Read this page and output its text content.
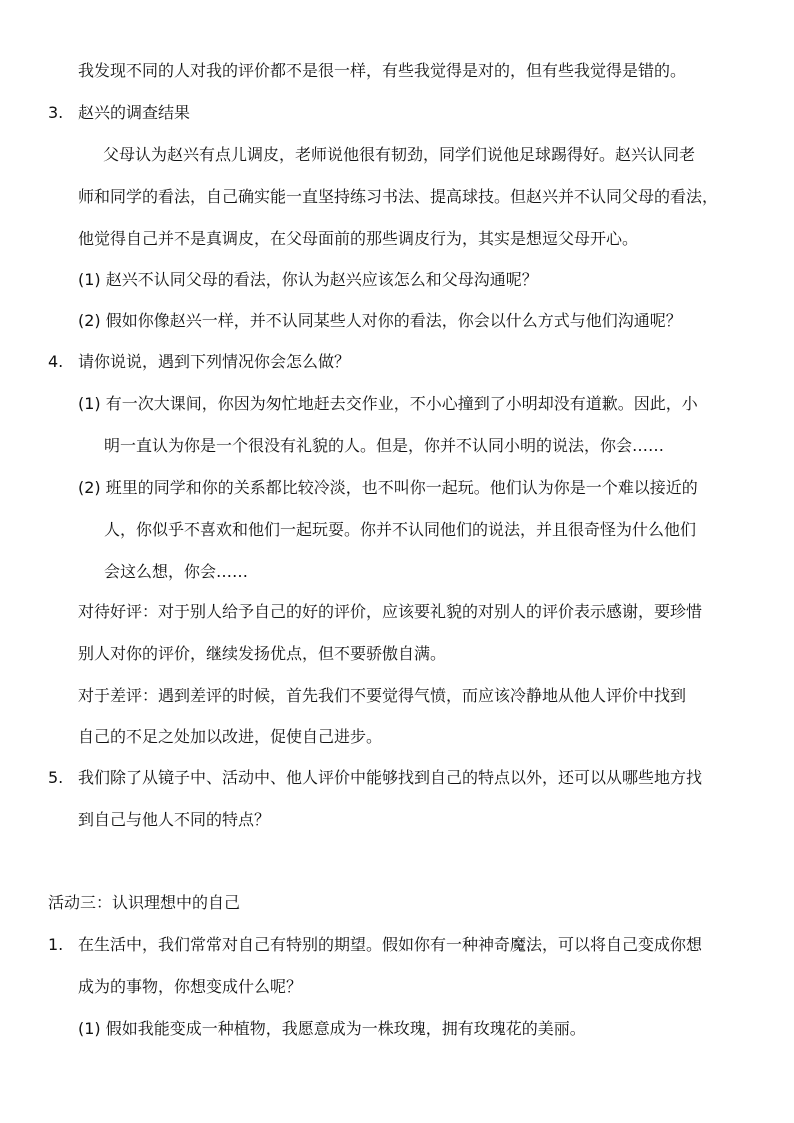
我发现不同的人对我的评价都不是很一样，有些我觉得是对的，但有些我觉得是错的。
3. 赵兴的调查结果
父母认为赵兴有点儿调皮，老师说他很有韧劲，同学们说他足球踢得好。赵兴认同老
师和同学的看法，自己确实能一直坚持练习书法、提高球技。但赵兴并不认同父母的看法，
他觉得自己并不是真调皮，在父母面前的那些调皮行为，其实是想逗父母开心。
(1) 赵兴不认同父母的看法，你认为赵兴应该怎么和父母沟通呢？
(2) 假如你像赵兴一样，并不认同某些人对你的看法，你会以什么方式与他们沟通呢？
4. 请你说说，遇到下列情况你会怎么做？
(1) 有一次大课间，你因为匆忙地赶去交作业，不小心撞到了小明却没有道歉。因此，小
明一直认为你是一个很没有礼貌的人。但是，你并不认同小明的说法，你会……
(2) 班里的同学和你的关系都比较冷淡，也不叫你一起玩。他们认为你是一个难以接近的
人，你似乎不喜欢和他们一起玩耍。你并不认同他们的说法，并且很奇怪为什么他们
会这么想，你会……
对待好评：对于别人给予自己的好的评价，应该要礼貌的对别人的评价表示感谢，要珍惜
别人对你的评价，继续发扬优点，但不要骄傲自满。
对于差评：遇到差评的时候，首先我们不要觉得气愤，而应该冷静地从他人评价中找到
自己的不足之处加以改进，促使自己进步。
5. 我们除了从镜子中、活动中、他人评价中能够找到自己的特点以外，还可以从哪些地方找
到自己与他人不同的特点？
活动三：认识理想中的自己
1. 在生活中，我们常常对自己有特别的期望。假如你有一种神奇魔法，可以将自己变成你想
成为的事物，你想变成什么呢？
(1) 假如我能变成一种植物，我愿意成为一株玫瑰，拥有玫瑰花的美丽。
